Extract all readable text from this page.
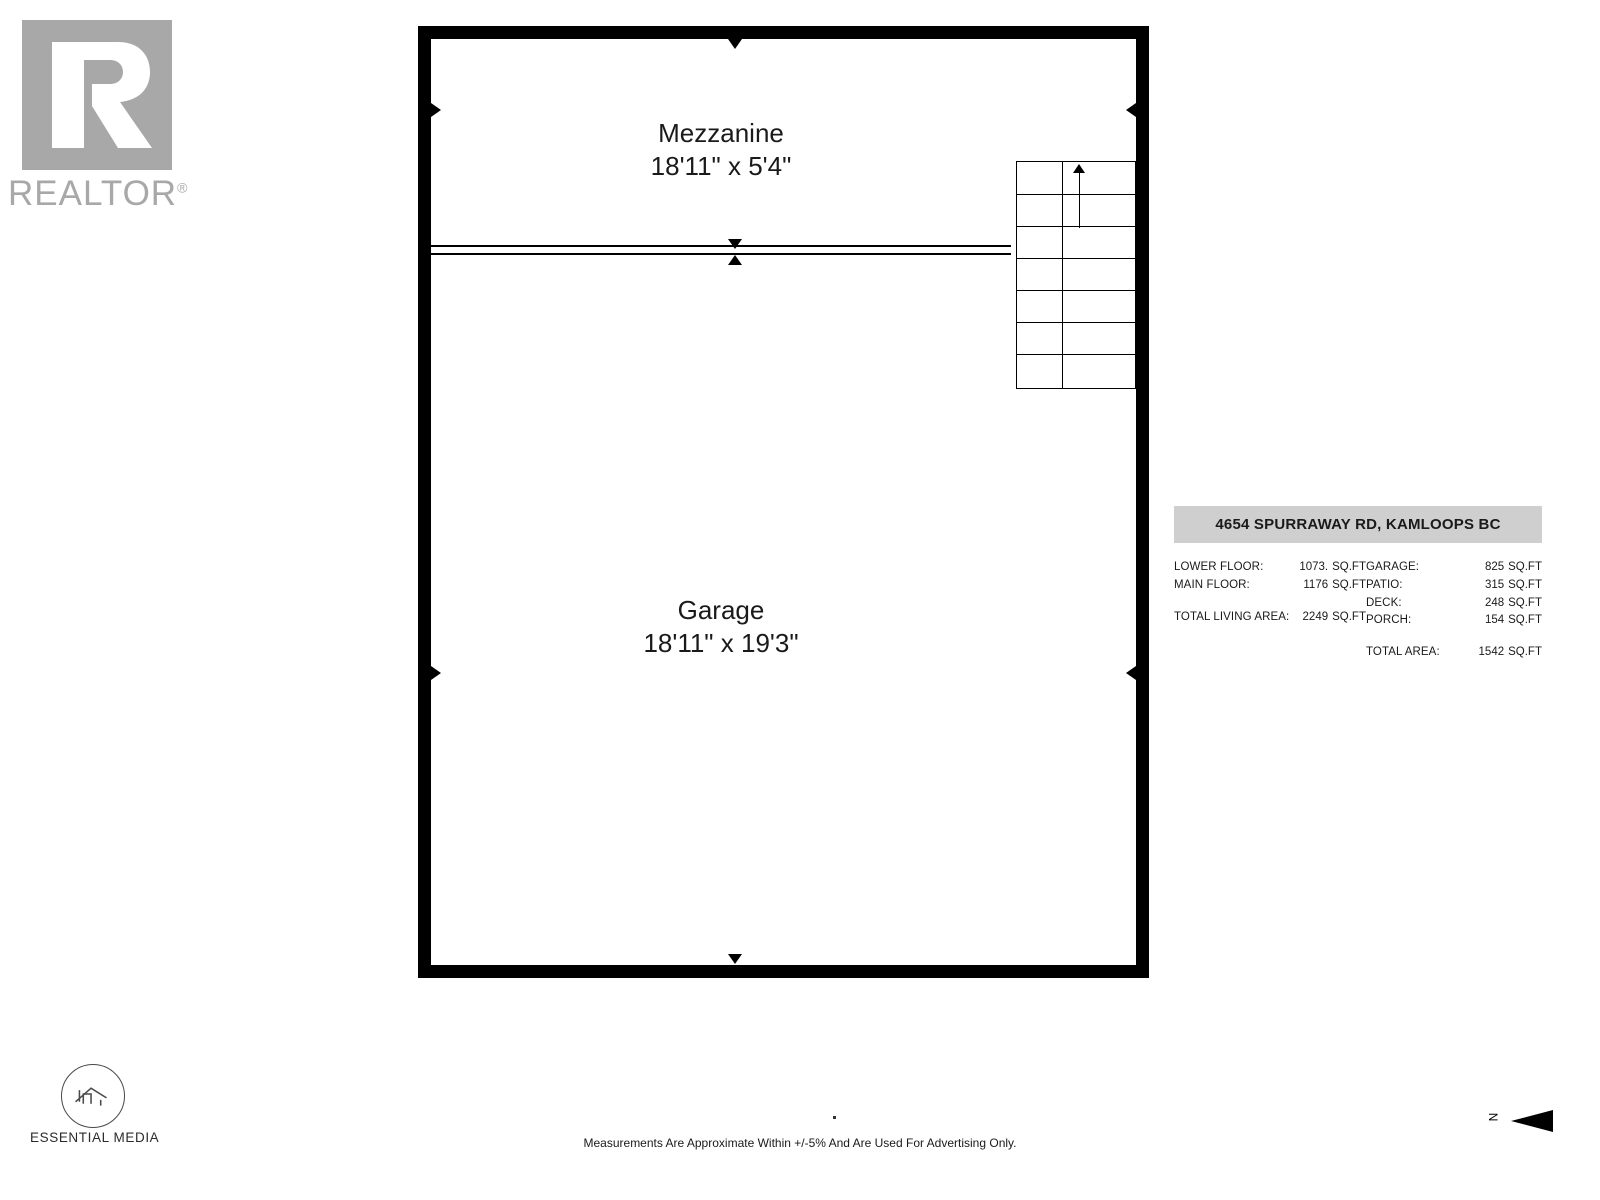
REALTOR®
Mezzanine
18'11" x 5'4"
Garage
18'11" x 19'3"
4654 SPURRAWAY RD, KAMLOOPS BC
LOWER FLOOR:	1073. SQ.FT
MAIN FLOOR:	1176 SQ.FT
TOTAL LIVING AREA:	2249 SQ.FT
GARAGE:	825 SQ.FT
PATIO:	315 SQ.FT
DECK:	248 SQ.FT
PORCH:	154 SQ.FT
TOTAL AREA:	1542 SQ.FT
ESSENTIAL MEDIA	Measurements Are Approximate Within +/-5% And Are Used For Advertising Only.
N
